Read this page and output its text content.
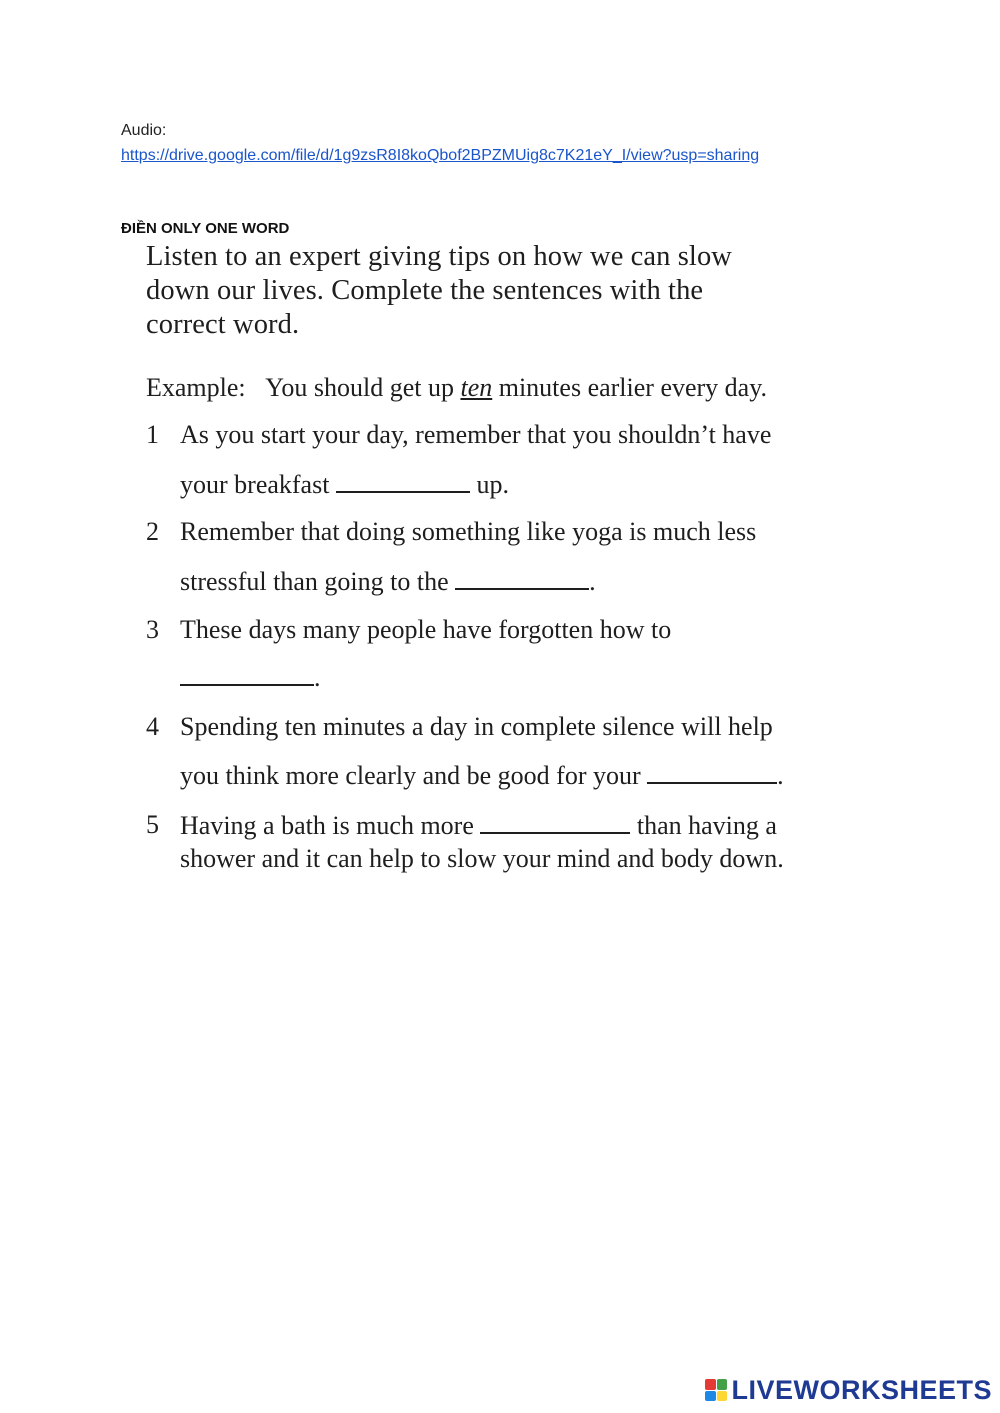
Audio:
https://drive.google.com/file/d/1g9zsR8I8koQbof2BPZMUig8c7K21eY_I/view?usp=sharing
ĐIỀN ONLY ONE WORD

Listen to an expert giving tips on how we can slow
down our lives. Complete the sentences with the
correct word.

Example: You should get up ten minutes earlier every day.
1 As you start your day, remember that you shouldn’t have
your breakfast	up.
2 Remember that doing something like yoga is much less
stressful than going to the	.
3 These days many people have forgotten how to
.
4 Spending ten minutes a day in complete silence will help
you think more clearly and be good for your	.
5 Having a bath is much more	than having a
shower and it can help to slow your mind and body down.
LIVEWORKSHEETS
